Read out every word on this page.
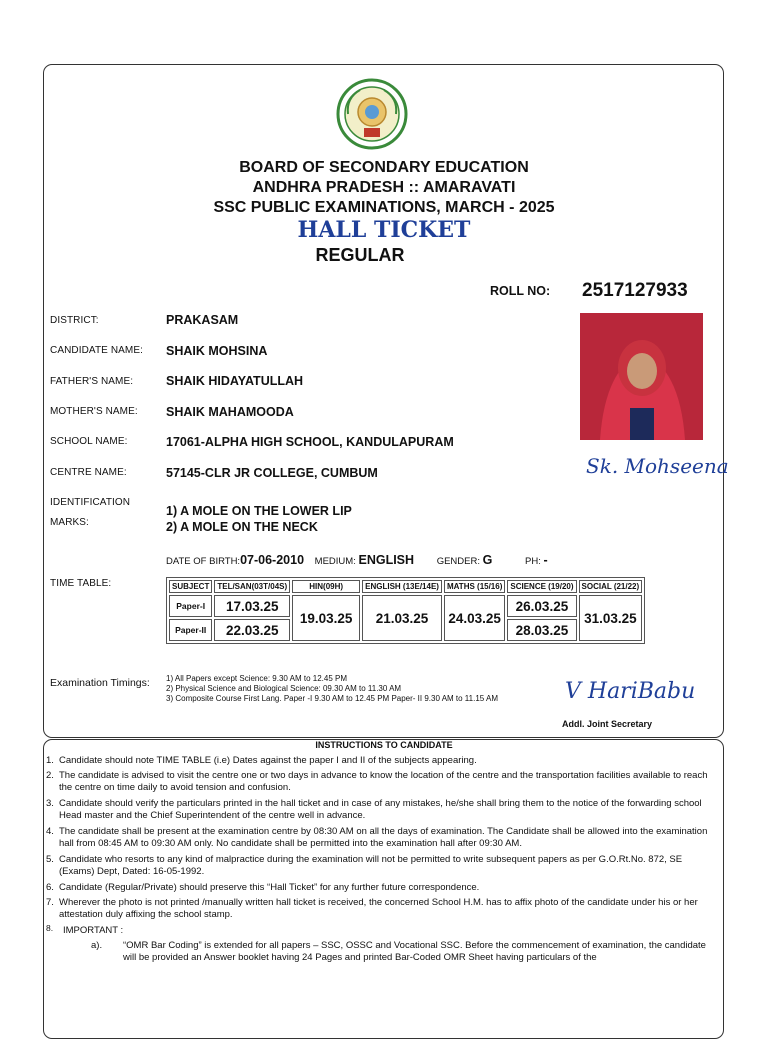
BOARD OF SECONDARY EDUCATION
ANDHRA PRADESH :: AMARAVATI
SSC PUBLIC EXAMINATIONS, MARCH - 2025
HALL TICKET
REGULAR
ROLL NO: 2517127933
DISTRICT:	PRAKASAM
CANDIDATE NAME: SHAIK MOHSINA
FATHER'S NAME:	SHAIK HIDAYATULLAH
MOTHER'S NAME: SHAIK MAHAMOODA
SCHOOL NAME:	17061-ALPHA HIGH SCHOOL, KANDULAPURAM
CENTRE NAME:	57145-CLR JR COLLEGE, CUMBUM
IDENTIFICATION
MARKS:
1) A MOLE ON THE LOWER LIP
2) A MOLE ON THE NECK
Sk. Mohseena
DATE OF BIRTH:07-06-2010 MEDIUM: ENGLISH GENDER: G	PH: -
TIME TABLE:	SUBJECT	TEL/SAN(03T/04S)	HIN(09H)	ENGLISH (13E/14E)	MATHS (15/16)	SCIENCE (19/20)	SOCIAL (21/22)
Paper-I	17.03.25	19.03.25	21.03.25	24.03.25	26.03.25	31.03.25
Paper-II	22.03.25				28.03.25	
Examination Timings: 1) All Papers except Science: 9.30 AM to 12.45 PM
2) Physical Science and Biological Science: 09.30 AM to 11.30 AM
3) Composite Course First Lang. Paper -I 9.30 AM to 12.45 PM Paper- II 9.30 AM to 11.15 AM	V HariBabu
Addl. Joint Secretary
INSTRUCTIONS TO CANDIDATE
1. Candidate should note TIME TABLE (i.e) Dates against the paper I and II of the subjects appearing.
2. The candidate is advised to visit the centre one or two days in advance to know the location of the centre and the transportation facilities available to reach the centre on time daily to avoid tension and confusion.
3. Candidate should verify the particulars printed in the hall ticket and in case of any mistakes, he/she shall bring them to the notice of the forwarding school Head master and the Chief Superintendent of the centre well in advance.
4. The candidate shall be present at the examination centre by 08:30 AM on all the days of examination. The Candidate shall be allowed into the examination hall from 08:45 AM to 09:30 AM only. No candidate shall be permitted into the examination hall after 09:30 AM.
5. Candidate who resorts to any kind of malpractice during the examination will not be permitted to write subsequent papers as per G.O.Rt.No. 872, SE (Exams) Dept, Dated: 16-05-1992.
6. Candidate (Regular/Private) should preserve this “Hall Ticket” for any further future correspondence.
7. Wherever the photo is not printed /manually written hall ticket is received, the concerned School H.M. has to affix photo of the candidate under his or her attestation duly affixing the school stamp.
8. IMPORTANT :
a). “OMR Bar Coding” is extended for all papers – SSC, OSSC and Vocational SSC. Before the commencement of examination, the candidate will be provided an Answer booklet having 24 Pages and printed Bar-Coded OMR Sheet having particulars of the
